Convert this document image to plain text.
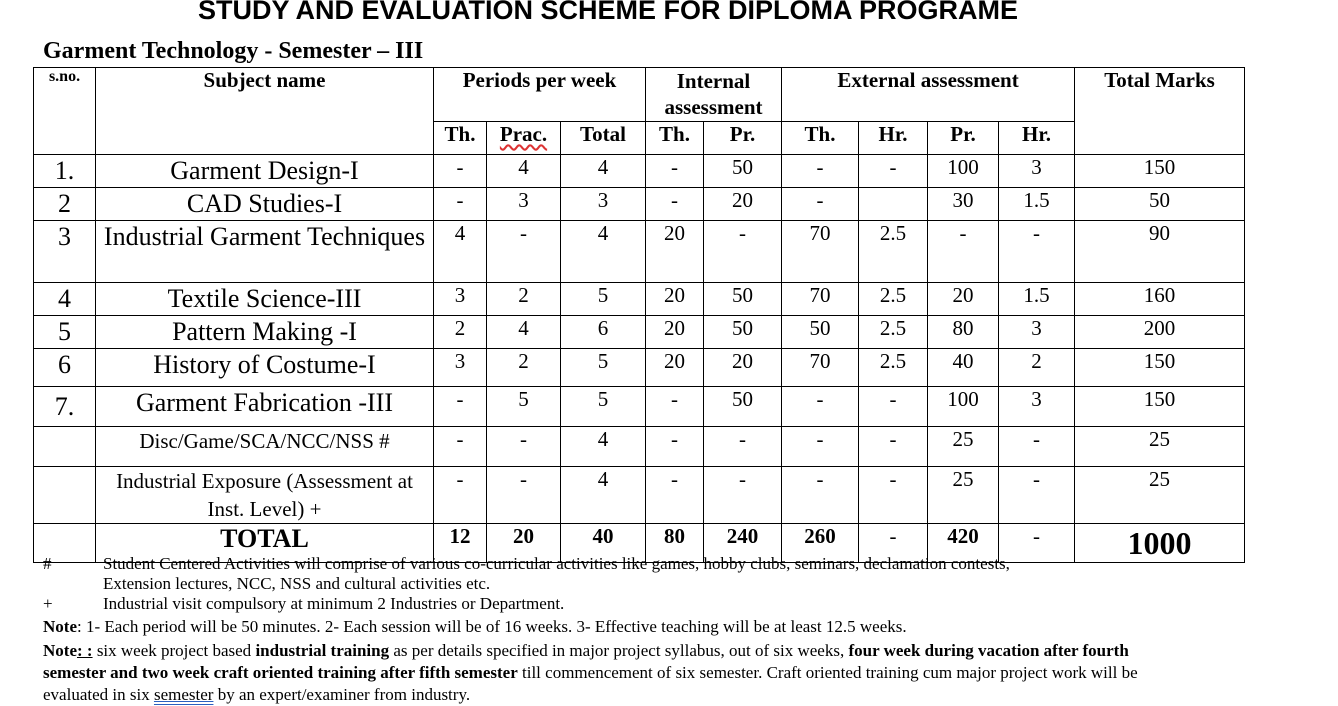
STUDY AND EVALUATION SCHEME FOR DIPLOMA PROGRAME
Garment Technology - Semester – III
s.no.	Subject name	Periods per week			Internal assessment		External assessment				Total Marks
		Th.	Prac.	Total	Th.	Pr.	Th.	Hr.	Pr.	Hr.	
1.	Garment Design-I	-	4	4	-	50	-	-	100	3	150
2	CAD Studies-I	-	3	3	-	20	-		30	1.5	50
3	Industrial Garment Techniques	4	-	4	20	-	70	2.5	-	-	90
4	Textile Science-III	3	2	5	20	50	70	2.5	20	1.5	160
5	Pattern Making -I	2	4	6	20	50	50	2.5	80	3	200
6	History of Costume-I	3	2	5	20	20	70	2.5	40	2	150
7.	Garment Fabrication -III	-	5	5	-	50	-	-	100	3	150
	Disc/Game/SCA/NCC/NSS #	-	-	4	-	-	-	-	25	-	25
	Industrial Exposure (Assessment at Inst. Level) +	-	-	4	-	-	-	-	25	-	25
	TOTAL	12	20	40	80	240	260	-	420	-	1000
#	Student Centered Activities will comprise of various co-curricular activities like games, hobby clubs, seminars, declamation contests, Extension lectures, NCC, NSS and cultural activities etc.
+	Industrial visit compulsory at minimum 2 Industries or Department.
Note: 1- Each period will be 50 minutes. 2- Each session will be of 16 weeks. 3- Effective teaching will be at least 12.5 weeks.
Note: : six week project based industrial training as per details specified in major project syllabus, out of six weeks, four week during vacation after fourth semester and two week craft oriented training after fifth semester till commencement of six semester. Craft oriented training cum major project work will be evaluated in six semester by an expert/examiner from industry.
